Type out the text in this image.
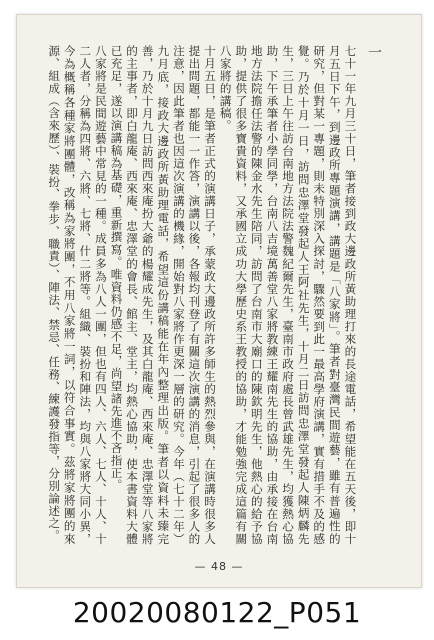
一

七十一年九月三十日，筆者接到政大邊政所黃助理打來的長途電話，希望能在五天後，即十月五日下午，到邊政所專題演講，講題是「八家將」。筆者對臺灣民間遊藝，雖有普遍性的研究，但對某一專題，則未特別深入探討，驟然要到此一最高學府演講，實有措手不及的感覺。乃於十月一日，訪問忠澤堂發起人王阿社先生，十月二日訪問忠澤堂發起人陳炳麟先生，三日上午往訪台南地方法院法警魏紀爾先生，臺南市政府處長曾武雄先生，均獲熱心協助，下午承筆者小學同學，台南八吉境萬善堂八家將教練王耀南先生的協助，由承接在台南地方法院擔任法警的陳金水先生陪同，訪問了台南市大廟口的陳欽明先生，他熱心的給予協助，提供了很多寶貴資料，又承國立成功大學歷史系王教授的協助，才能勉強完成這篇有關八家將的講稿。

十月五日，是筆者正式的演講日子，承蒙政大邊政所許多師生的熱烈參與，在演講時很多人提出問題，都能一一作答，演講以後，各報均刊登了有關這次演講的消息，引起了很多人的注意，因此筆者也因這次演講的機緣，開始對八家將作更深一層的研究。今年（七十二年）九月底，接政大邊政所黃助理電話，希望這份講稿能在年內整理出版。筆者以資料未臻完善，乃於十月九日訪問西來庵扮大爺的楊耀成先生，及其白龍庵、西來庵、忠澤堂等八家將的主事者，即白龍庵、西來庵、忠澤堂的會長、館主、堂主，均熱心協助，使本書資料大體已充足，遂以演講稿為基礎，重新撰寫。唯資料仍感不足，尚望諸先進不吝指正。

八家將是民間遊藝中常見的一種。成員多為八人一團，但也有四人、六人、七人、十人、十二人者，分稱為四將、六將、七將、什二將等。組織、裝扮和陣法，均與八家將大同小異，今為概稱各種家將團體，改稱為家將團，不用八家將一詞，以符合事實。茲將家將團的來源、組成（含來歷）、裝扮、拳步、職責）、陣法、禁忌、任務、練護發指等，分別論述之。

— 48 —
20020080122_P051
